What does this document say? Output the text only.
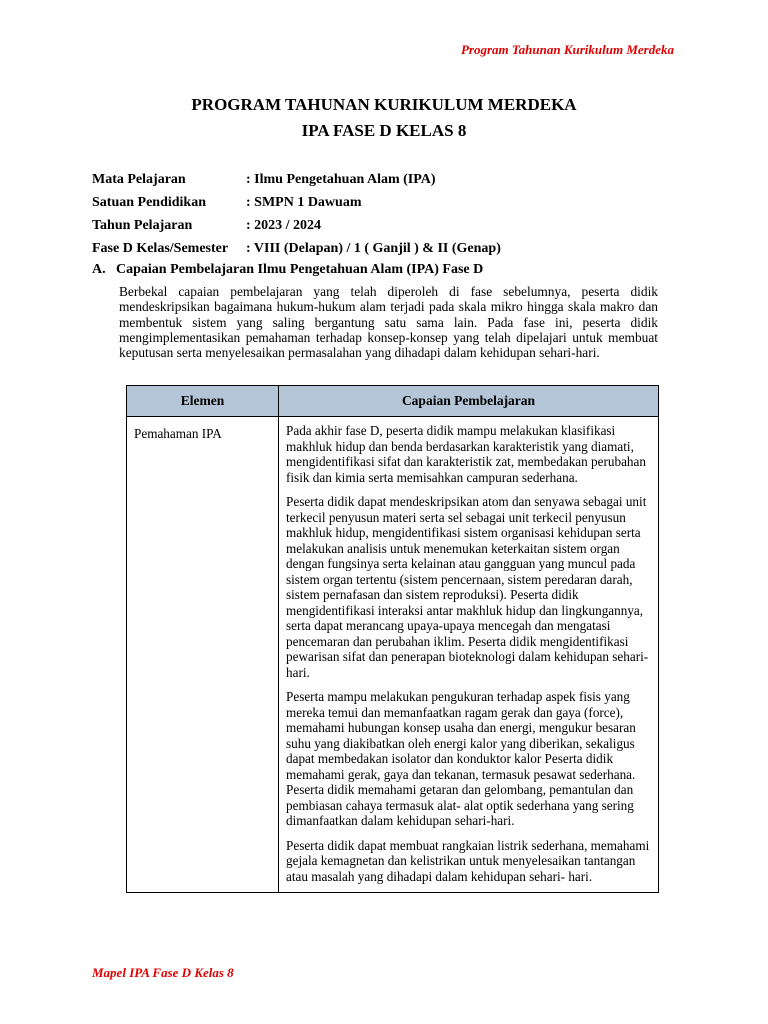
Program Tahunan Kurikulum Merdeka
PROGRAM TAHUNAN KURIKULUM MERDEKA
IPA FASE D KELAS 8
Mata Pelajaran	: Ilmu Pengetahuan Alam (IPA)
Satuan Pendidikan	: SMPN 1 Dawuam
Tahun Pelajaran	: 2023 / 2024
Fase D Kelas/Semester	: VIII (Delapan) / 1 ( Ganjil ) & II (Genap)
A. Capaian Pembelajaran Ilmu Pengetahuan Alam (IPA) Fase D
Berbekal capaian pembelajaran yang telah diperoleh di fase sebelumnya, peserta didik mendeskripsikan bagaimana hukum-hukum alam terjadi pada skala mikro hingga skala makro dan membentuk sistem yang saling bergantung satu sama lain. Pada fase ini, peserta didik mengimplementasikan pemahaman terhadap konsep-konsep yang telah dipelajari untuk membuat keputusan serta menyelesaikan permasalahan yang dihadapi dalam kehidupan sehari-hari.
Elemen	Capaian Pembelajaran
Pemahaman IPA	Pada akhir fase D, peserta didik mampu melakukan klasifikasi makhluk hidup dan benda berdasarkan karakteristik yang diamati, mengidentifikasi sifat dan karakteristik zat, membedakan perubahan fisik dan kimia serta memisahkan campuran sederhana.

Peserta didik dapat mendeskripsikan atom dan senyawa sebagai unit terkecil penyusun materi serta sel sebagai unit terkecil penyusun makhluk hidup, mengidentifikasi sistem organisasi kehidupan serta melakukan analisis untuk menemukan keterkaitan sistem organ dengan fungsinya serta kelainan atau gangguan yang muncul pada sistem organ tertentu (sistem pencernaan, sistem peredaran darah, sistem pernafasan dan sistem reproduksi). Peserta didik mengidentifikasi interaksi antar makhluk hidup dan lingkungannya, serta dapat merancang upaya-upaya mencegah dan mengatasi pencemaran dan perubahan iklim. Peserta didik mengidentifikasi pewarisan sifat dan penerapan bioteknologi dalam kehidupan sehari-hari.

Peserta mampu melakukan pengukuran terhadap aspek fisis yang mereka temui dan memanfaatkan ragam gerak dan gaya (force), memahami hubungan konsep usaha dan energi, mengukur besaran suhu yang diakibatkan oleh energi kalor yang diberikan, sekaligus dapat membedakan isolator dan konduktor kalor Peserta didik memahami gerak, gaya dan tekanan, termasuk pesawat sederhana. Peserta didik memahami getaran dan gelombang, pemantulan dan pembiasan cahaya termasuk alat- alat optik sederhana yang sering dimanfaatkan dalam kehidupan sehari-hari.

Peserta didik dapat membuat rangkaian listrik sederhana, memahami gejala kemagnetan dan kelistrikan untuk menyelesaikan tantangan atau masalah yang dihadapi dalam kehidupan sehari- hari.

Mapel IPA Fase D Kelas 8
